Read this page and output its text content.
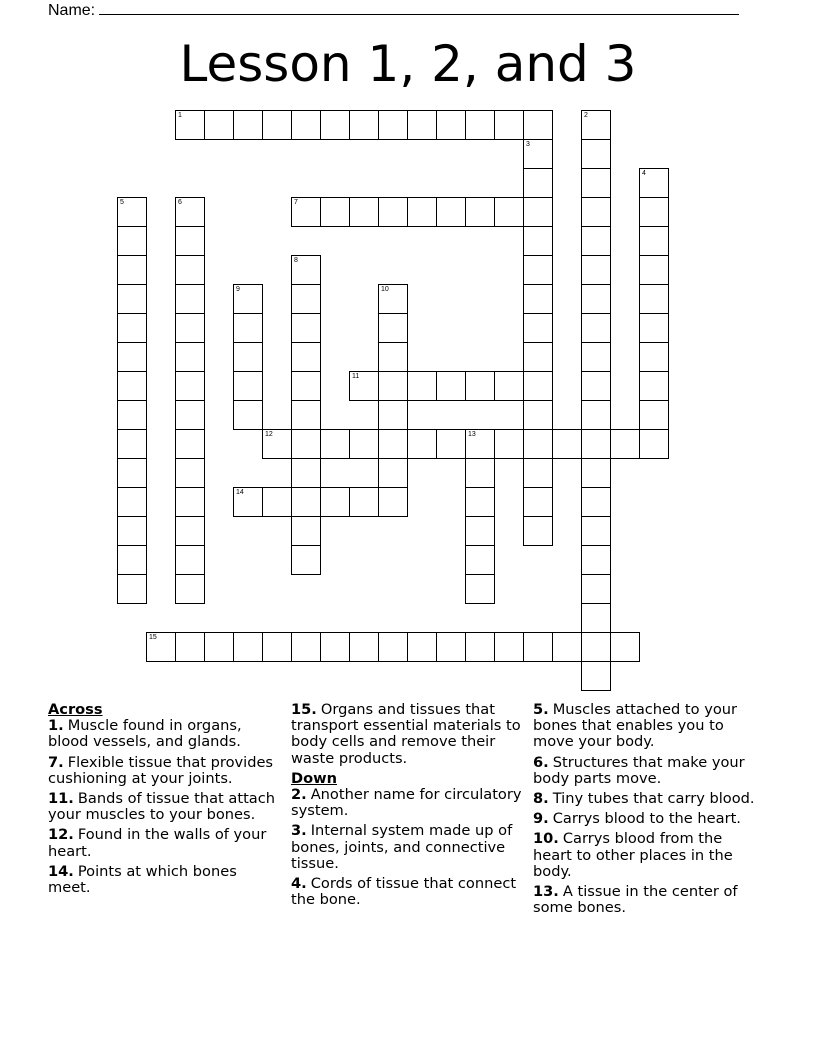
Name:
Lesson 1, 2, and 3
1	2
3
4
5	6	7
8
9	10
11
12	13
14
15
Across
1. Muscle found in organs, blood vessels, and glands.
7. Flexible tissue that provides cushioning at your joints.
11. Bands of tissue that attach your muscles to your bones.
12. Found in the walls of your heart.
14. Points at which bones meet.
15. Organs and tissues that transport essential materials to body cells and remove their waste products.
Down
2. Another name for circulatory system.
3. Internal system made up of bones, joints, and connective tissue.
4. Cords of tissue that connect the bone.
5. Muscles attached to your bones that enables you to move your body.
6. Structures that make your body parts move.
8. Tiny tubes that carry blood.
9. Carrys blood to the heart.
10. Carrys blood from the heart to other places in the body.
13. A tissue in the center of some bones.
